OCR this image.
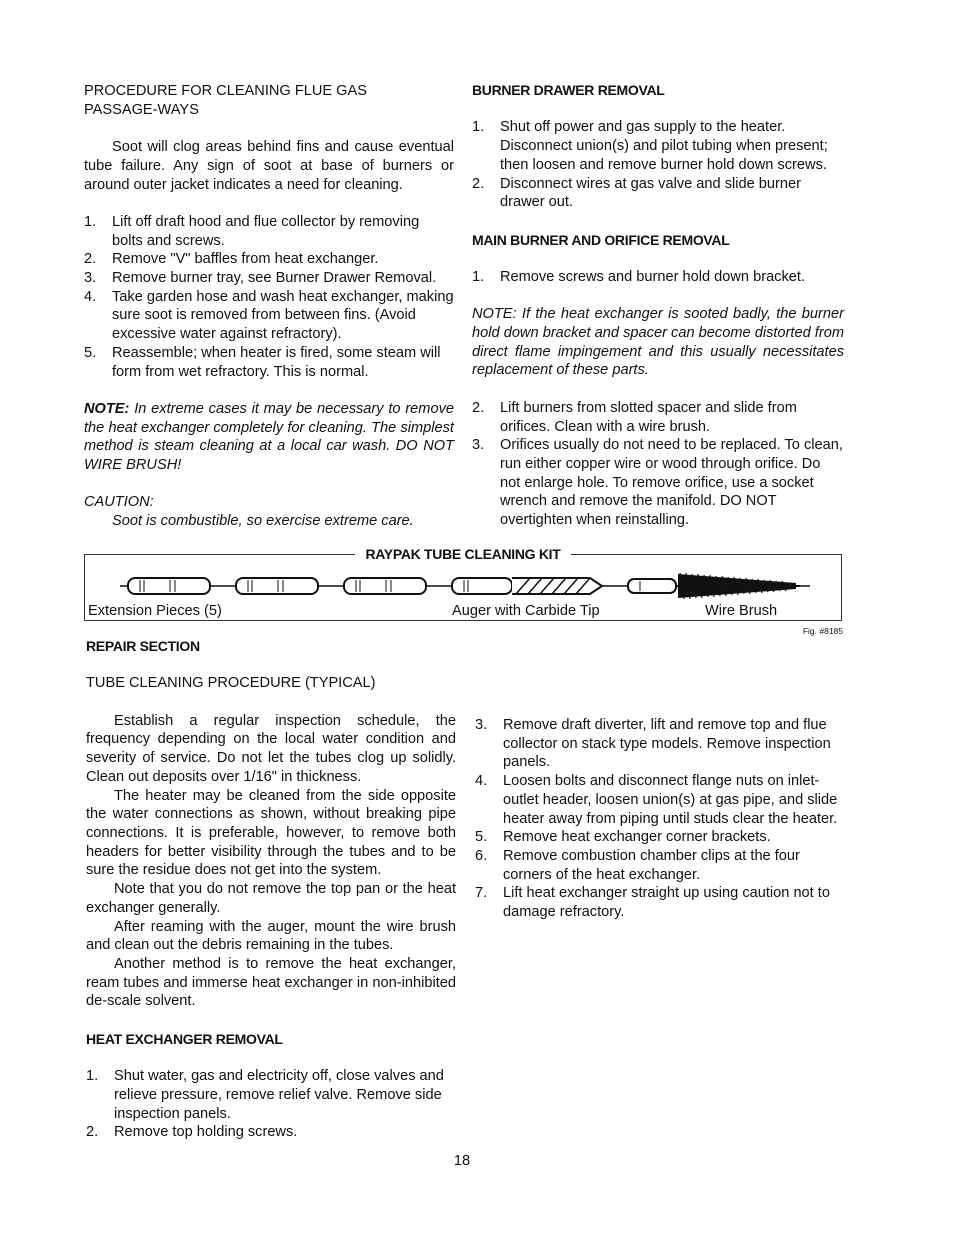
PROCEDURE FOR CLEANING FLUE GAS

PASSAGE-WAYS

Soot will clog areas behind fins and cause eventual tube failure. Any sign of soot at base of burners or around outer jacket indicates a need for cleaning.

1. Lift off draft hood and flue collector by removing bolts and screws.
2. Remove "V" baffles from heat exchanger.
3. Remove burner tray, see Burner Drawer Removal.
4. Take garden hose and wash heat exchanger, making sure soot is removed from between fins. (Avoid excessive water against refractory).
5. Reassemble; when heater is fired, some steam will form from wet refractory. This is normal.

NOTE: In extreme cases it may be necessary to remove the heat exchanger completely for cleaning. The simplest method is steam cleaning at a local car wash. DO NOT WIRE BRUSH!

CAUTION:

Soot is combustible, so exercise extreme care.

BURNER DRAWER REMOVAL

1. Shut off power and gas supply to the heater. Disconnect union(s) and pilot tubing when present; then loosen and remove burner hold down screws.
2. Disconnect wires at gas valve and slide burner drawer out.

MAIN BURNER AND ORIFICE REMOVAL

1. Remove screws and burner hold down bracket.

NOTE: If the heat exchanger is sooted badly, the burner hold down bracket and spacer can become distorted from direct flame impingement and this usually necessitates replacement of these parts.

2. Lift burners from slotted spacer and slide from orifices. Clean with a wire brush.
3. Orifices usually do not need to be replaced. To clean, run either copper wire or wood through orifice. Do not enlarge hole. To remove orifice, use a socket wrench and remove the manifold. DO NOT overtighten when reinstalling.
RAYPAK TUBE CLEANING KIT
Extension Pieces (5)	Auger with Carbide Tip	Wire Brush
Fig. #8185

REPAIR SECTION

TUBE CLEANING PROCEDURE (TYPICAL)

Establish a regular inspection schedule, the frequency depending on the local water condition and severity of service. Do not let the tubes clog up solidly. Clean out deposits over 1/16" in thickness.

The heater may be cleaned from the side opposite the water connections as shown, without breaking pipe connections. It is preferable, however, to remove both headers for better visibility through the tubes and to be sure the residue does not get into the system.

Note that you do not remove the top pan or the heat exchanger generally.

After reaming with the auger, mount the wire brush and clean out the debris remaining in the tubes.

Another method is to remove the heat exchanger, ream tubes and immerse heat exchanger in non-inhibited de-scale solvent.

HEAT EXCHANGER REMOVAL

1. Shut water, gas and electricity off, close valves and relieve pressure, remove relief valve. Remove side inspection panels.
2. Remove top holding screws.
3. Remove draft diverter, lift and remove top and flue collector on stack type models. Remove inspection panels.
4. Loosen bolts and disconnect flange nuts on inlet-outlet header, loosen union(s) at gas pipe, and slide heater away from piping until studs clear the heater.
5. Remove heat exchanger corner brackets.
6. Remove combustion chamber clips at the four corners of the heat exchanger.
7. Lift heat exchanger straight up using caution not to damage refractory.
18
